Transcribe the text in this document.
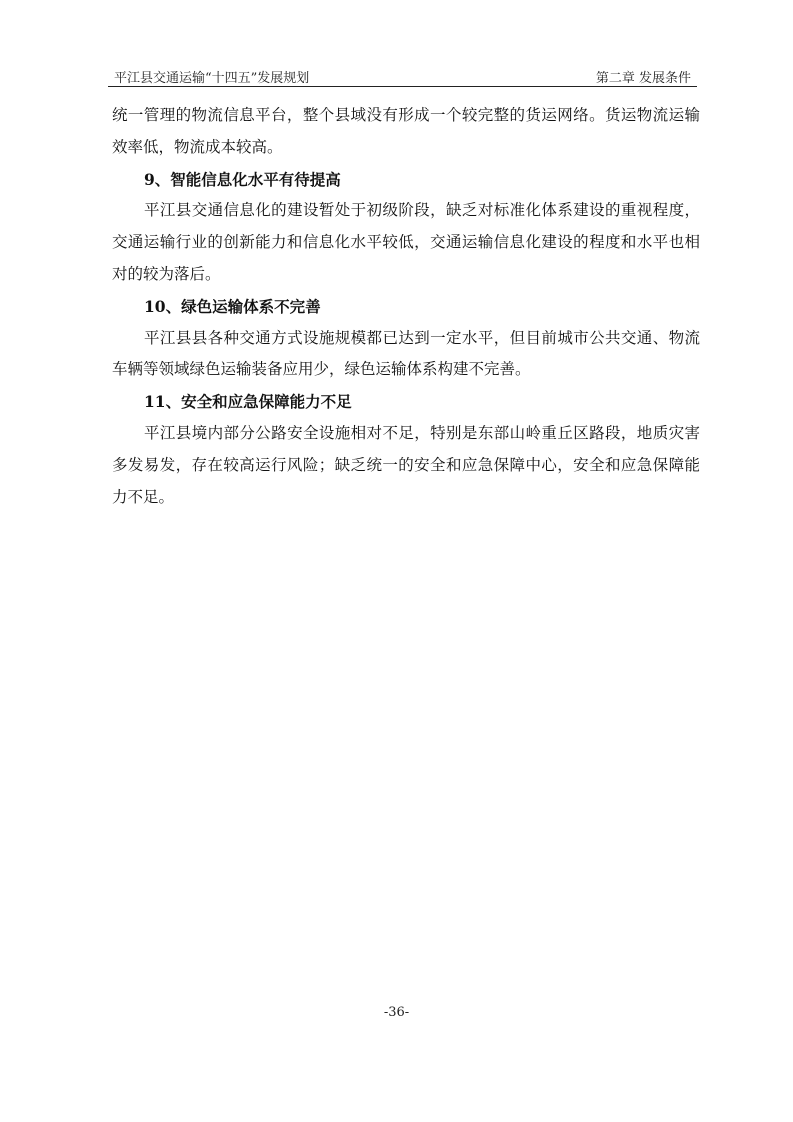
平江县交通运输“十四五”发展规划	第二章 发展条件

统一管理的物流信息平台，整个县域没有形成一个较完整的货运网络。货运物流运输效率低，物流成本较高。

9、智能信息化水平有待提高

平江县交通信息化的建设暂处于初级阶段，缺乏对标准化体系建设的重视程度，交通运输行业的创新能力和信息化水平较低，交通运输信息化建设的程度和水平也相对的较为落后。

10、绿色运输体系不完善

平江县县各种交通方式设施规模都已达到一定水平，但目前城市公共交通、物流车辆等领域绿色运输装备应用少，绿色运输体系构建不完善。

11、安全和应急保障能力不足

平江县境内部分公路安全设施相对不足，特别是东部山岭重丘区路段，地质灾害多发易发，存在较高运行风险；缺乏统一的安全和应急保障中心，安全和应急保障能力不足。

-36-
